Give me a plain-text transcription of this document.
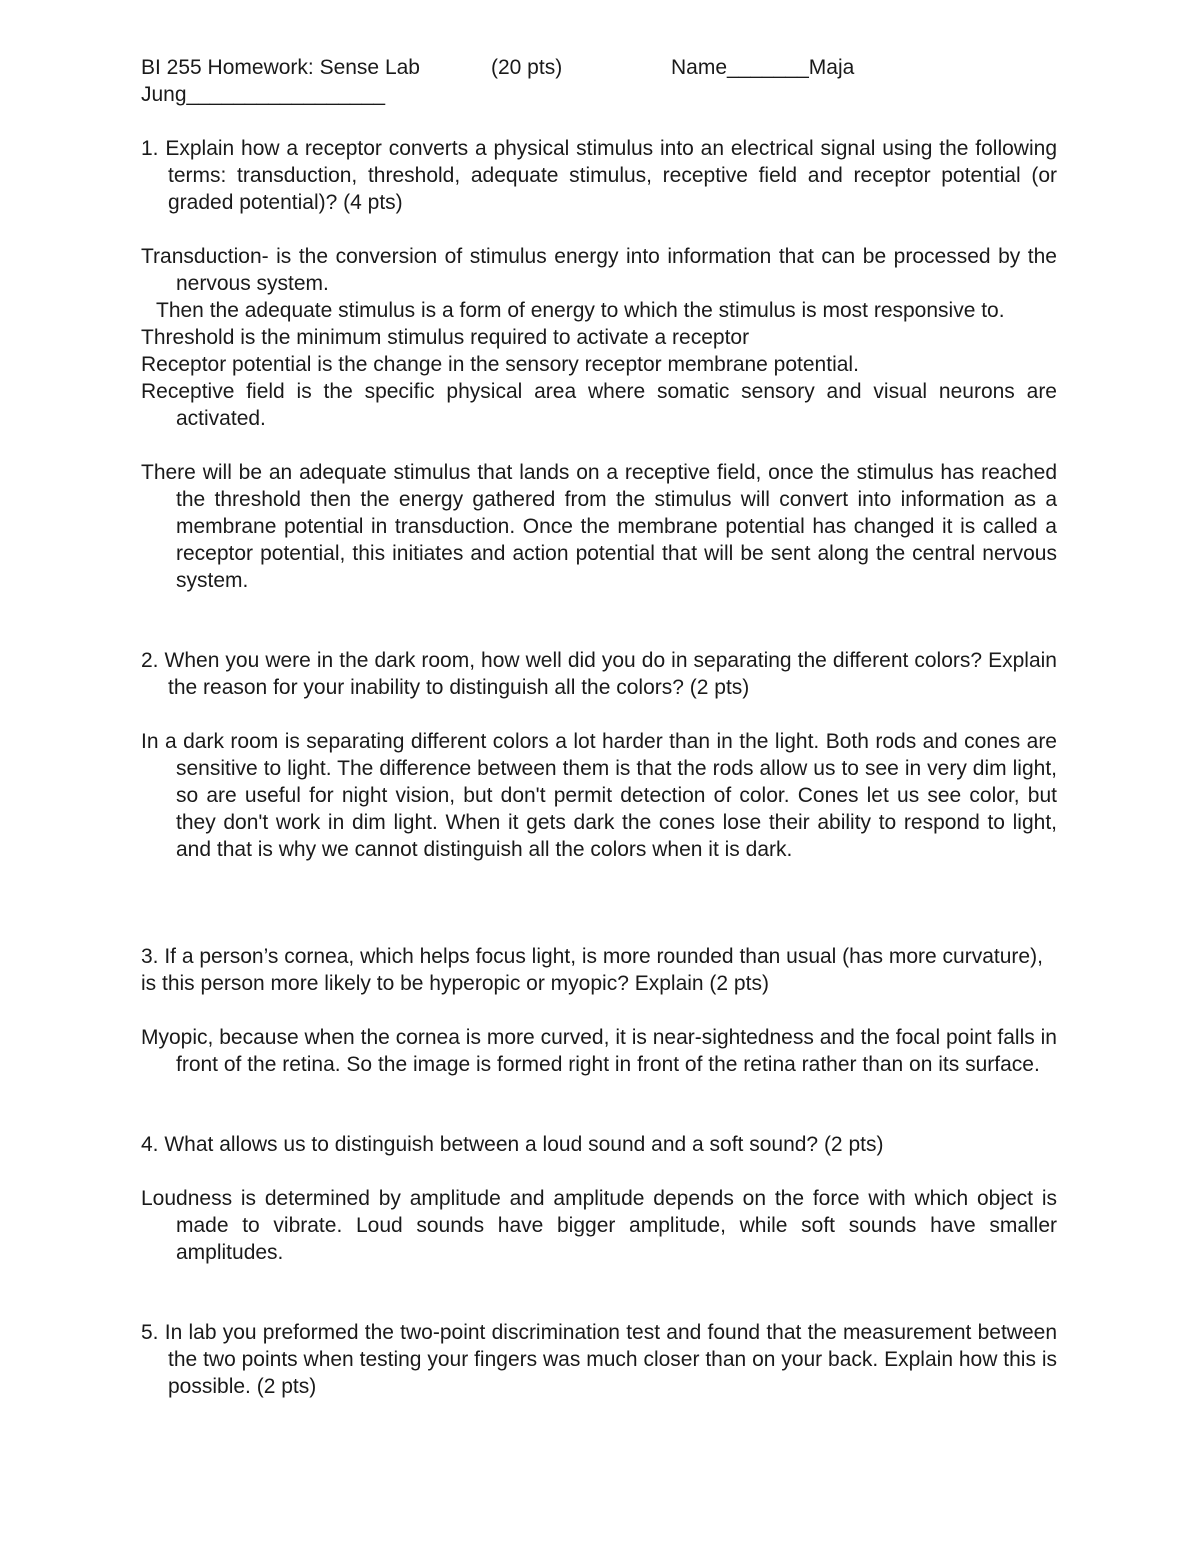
BI 255 Homework: Sense Lab	(20 pts)	Name_______Maja

Jung_________________

1. Explain how a receptor converts a physical stimulus into an electrical signal using the following terms: transduction, threshold, adequate stimulus, receptive field and receptor potential (or graded potential)? (4 pts)

Transduction- is the conversion of stimulus energy into information that can be processed by the nervous system.

Then the adequate stimulus is a form of energy to which the stimulus is most responsive to.

Threshold is the minimum stimulus required to activate a receptor

Receptor potential is the change in the sensory receptor membrane potential.

Receptive field is the specific physical area where somatic sensory and visual neurons are activated.

There will be an adequate stimulus that lands on a receptive field, once the stimulus has reached the threshold then the energy gathered from the stimulus will convert into information as a membrane potential in transduction. Once the membrane potential has changed it is called a receptor potential, this initiates and action potential that will be sent along the central nervous system.

2. When you were in the dark room, how well did you do in separating the different colors? Explain the reason for your inability to distinguish all the colors? (2 pts)

In a dark room is separating different colors a lot harder than in the light. Both rods and cones are sensitive to light. The difference between them is that the rods allow us to see in very dim light, so are useful for night vision, but don't permit detection of color. Cones let us see color, but they don't work in dim light. When it gets dark the cones lose their ability to respond to light, and that is why we cannot distinguish all the colors when it is dark.

3. If a person’s cornea, which helps focus light, is more rounded than usual (has more curvature), is this person more likely to be hyperopic or myopic? Explain (2 pts)

Myopic, because when the cornea is more curved, it is near-sightedness and the focal point falls in front of the retina. So the image is formed right in front of the retina rather than on its surface.

4. What allows us to distinguish between a loud sound and a soft sound? (2 pts)

Loudness is determined by amplitude and amplitude depends on the force with which object is made to vibrate. Loud sounds have bigger amplitude, while soft sounds have smaller amplitudes.

5. In lab you preformed the two-point discrimination test and found that the measurement between the two points when testing your fingers was much closer than on your back. Explain how this is possible. (2 pts)
